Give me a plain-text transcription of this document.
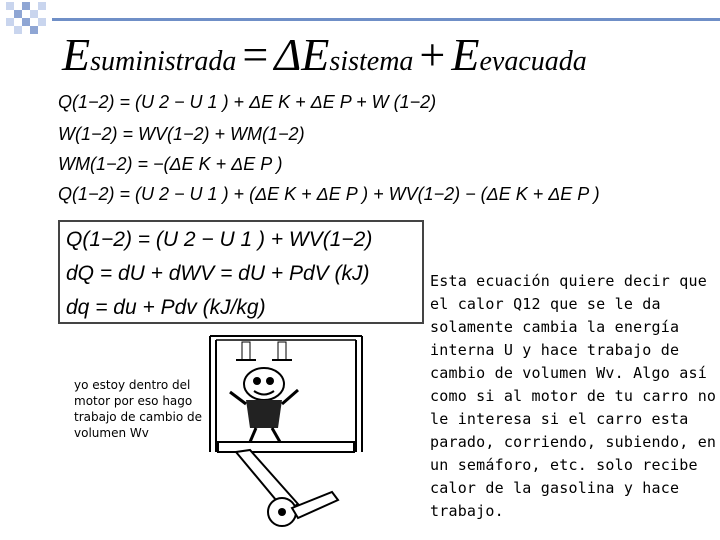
Esuministrada = ΔEsistema + Eevacuada
Q(1−2) = (U 2 − U 1 ) + ΔE K + ΔE P + W (1−2)
W(1−2) = WV(1−2) + WM(1−2)
WM(1−2) = −(ΔE K + ΔE P )
Q(1−2) = (U 2 − U 1 ) + (ΔE K + ΔE P ) + WV(1−2) − (ΔE K + ΔE P )
Q(1−2) = (U 2 − U 1 ) + WV(1−2)
dQ = dU + dWV = dU + PdV (kJ)
dq = du + Pdv (kJ/kg)
yo estoy dentro del motor por eso hago trabajo de cambio de volumen Wv
Esta ecuación quiere decir que el calor Q12 que se le da solamente cambia la energía interna U y hace trabajo de cambio de volumen Wv. Algo así como si al motor de tu carro no le interesa si el carro esta parado, corriendo, subiendo, en un semáforo, etc. solo recibe calor de la gasolina y hace trabajo.
